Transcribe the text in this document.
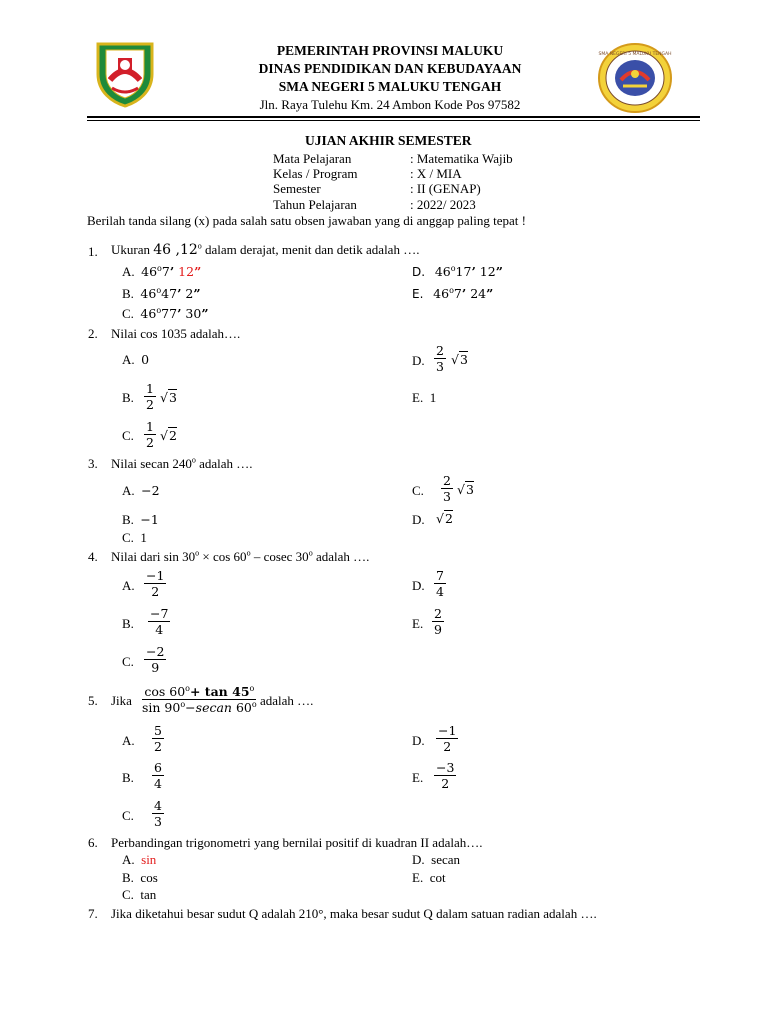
SMA NEGERI 5 MALUKU TENGAH
PEMERINTAH PROVINSI MALUKU
DINAS PENDIDIKAN DAN KEBUDAYAAN
SMA NEGERI 5 MALUKU TENGAH
Jln. Raya Tulehu Km. 24 Ambon Kode Pos 97582
UJIAN AKHIR SEMESTER
Mata Pelajaran	: Matematika Wajib
Kelas / Program	: X / MIA
Semester	: II (GENAP)
Tahun Pelajaran	: 2022/ 2023
Berilah tanda silang (x) pada salah satu obsen jawaban yang di anggap paling tepat !
1. Ukuran 46 ,12$^o$ dalam derajat, menit dan detik adalah ….
A. 46$^o$7’ 12”
B. 46$^o$47’ 2”
C. 46$^o$77’ 30”
D. 46$^o$17’ 12”
E. 46$^o$7’ 24”
2. Nilai cos 1035 adalah….
A. 0
B. $\frac{1}{2} √3$
C. $\frac{1}{2} √2$
D. $\frac{2}{3} √3$
E. 1
3. Nilai secan 240$^o$ adalah ….
A. −2
B. −1
C. 1
C. $\frac{2}{3} √3$
D. √2
4. Nilai dari $\sin 30^o \times \cos 60^o - cosec$ 30$^o$ adalah ….
A. $\frac{-1}{2}$
B. $\frac{-7}{4}$
C. $\frac{-2}{9}$
D. $\frac{7}{4}$
E. $\frac{2}{9}$
5. Jika
$\cos 60^o+ \tan 45^o$
$\sin 90^o-secan$ 60$^o$ adalah ….
A. $\frac{5}{2}$
B. $\frac{6}{4}$
C. $\frac{4}{3}$
D. $\frac{-1}{2}$
E. $\frac{-3}{2}$
6. Perbandingan trigonometri yang bernilai positif di kuadran II adalah….
A. sin
B. cos
C. tan
D. secan
E. cot
7. Jika diketahui besar sudut Q adalah 210°, maka besar sudut Q dalam satuan radian adalah ….
